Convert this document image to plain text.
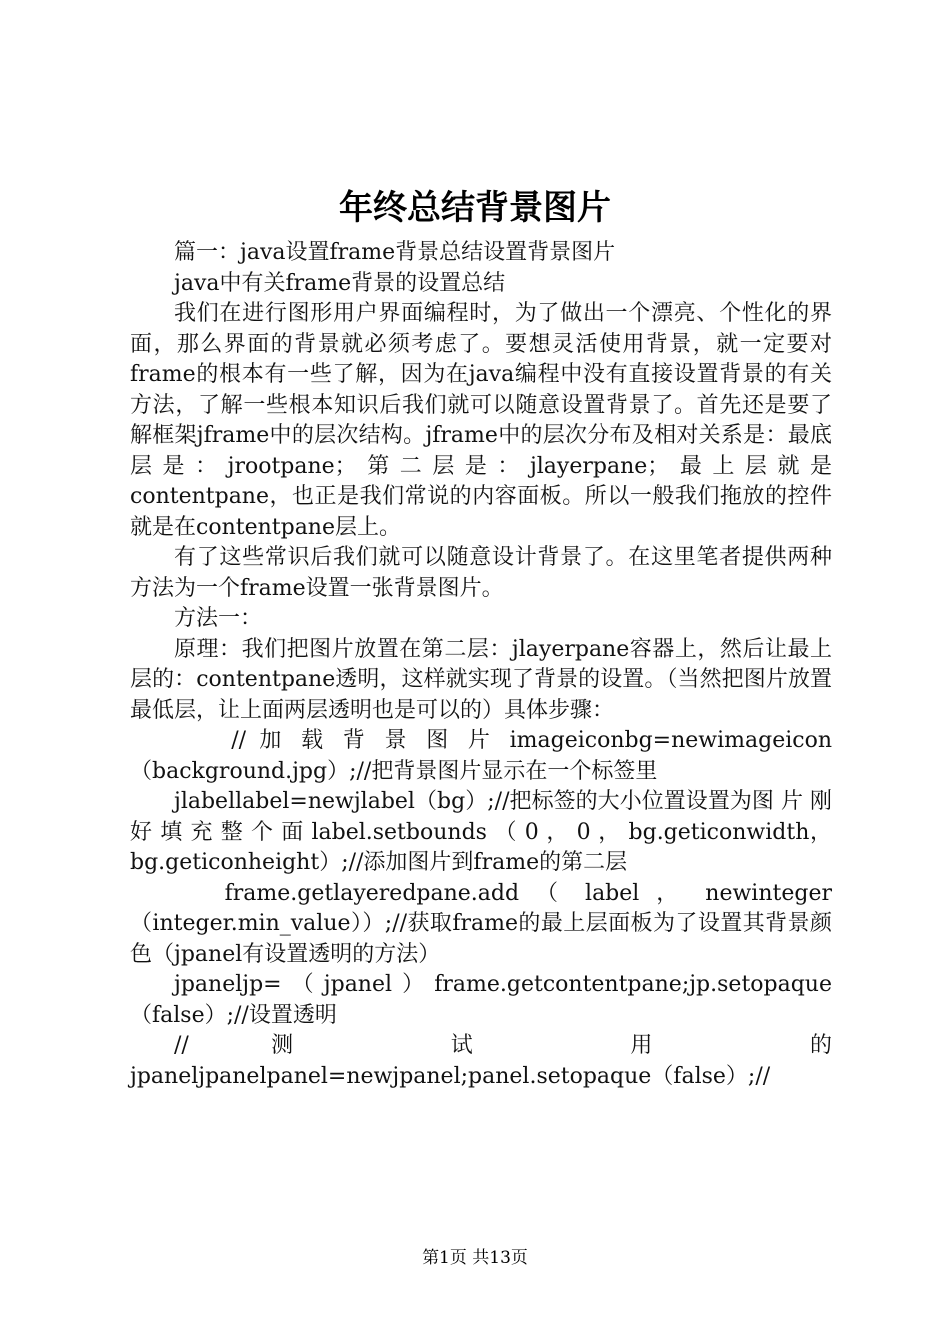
年终总结背景图片

篇一：java设置frame背景总结设置背景图片

java中有关frame背景的设置总结

我们在进行图形用户界面编程时，为了做出一个漂亮、个性化的界面，那么界面的背景就必须考虑了。要想灵活使用背景，就一定要对frame的根本有一些了解，因为在java编程中没有直接设置背景的有关方法，了解一些根本知识后我们就可以随意设置背景了。首先还是要了解框架jframe中的层次结构。jframe中的层次分布及相对关系是：最底层是：jrootpane；第二层是：jlayerpane；最上层就是contentpane，也正是我们常说的内容面板。所以一般我们拖放的控件就是在contentpane层上。

有了这些常识后我们就可以随意设计背景了。在这里笔者提供两种方法为一个frame设置一张背景图片。

方法一：

原理：我们把图片放置在第二层：jlayerpane容器上，然后让最上层的：contentpane透明，这样就实现了背景的设置。（当然把图片放置最低层，让上面两层透明也是可以的）具体步骤：

// 加 载 背 景 图 片 imageiconbg=newimageicon（background.jpg）;//把背景图片显示在一个标签里

jlabellabel=newjlabel（bg）;//把标签的大小位置设置为图 片 刚 好 填 充 整 个 面 label.setbounds （ 0 ， 0 ， bg.geticonwidth，bg.geticonheight）;//添加图片到frame的第二层

frame.getlayeredpane.add （ label ， newinteger（integer.min_value））;//获取frame的最上层面板为了设置其背景颜色（jpanel有设置透明的方法）

jpaneljp=（jpanel）frame.getcontentpane;jp.setopaque（false）;//设置透明

// 测 试 用 的 jpaneljpanelpanel=newjpanel;panel.setopaque（false）;//

第1页 共13页
